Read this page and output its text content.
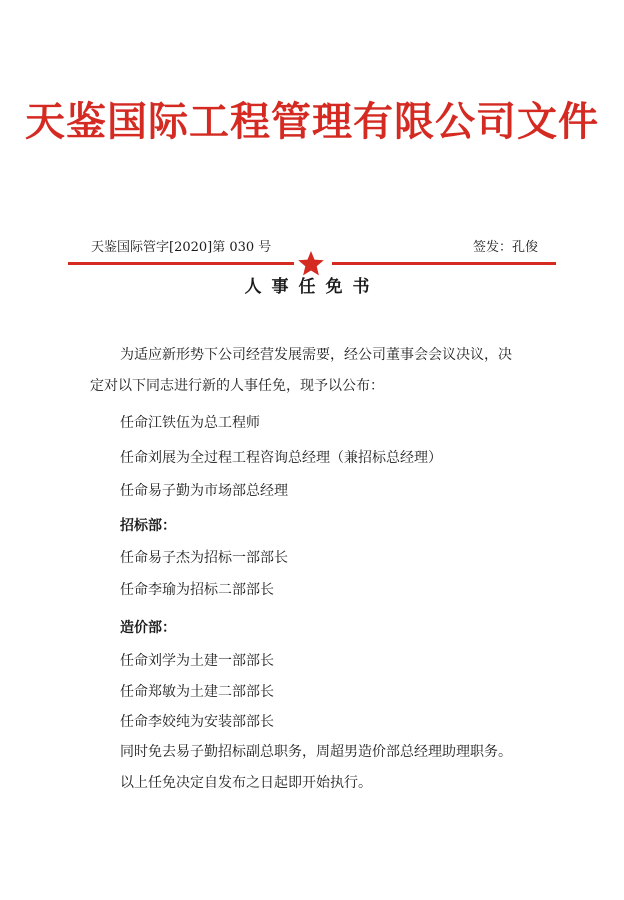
天鉴国际工程管理有限公司文件
天鉴国际管字[2020]第 030 号	签发：孔俊
人事任免书

为适应新形势下公司经营发展需要，经公司董事会会议决议，决

定对以下同志进行新的人事任免，现予以公布：

任命江铁伍为总工程师

任命刘展为全过程工程咨询总经理（兼招标总经理）

任命易子勤为市场部总经理

招标部：

任命易子杰为招标一部部长

任命李瑜为招标二部部长

造价部：

任命刘学为土建一部部长

任命郑敏为土建二部部长

任命李姣纯为安装部部长

同时免去易子勤招标副总职务，周超男造价部总经理助理职务。

以上任免决定自发布之日起即开始执行。
